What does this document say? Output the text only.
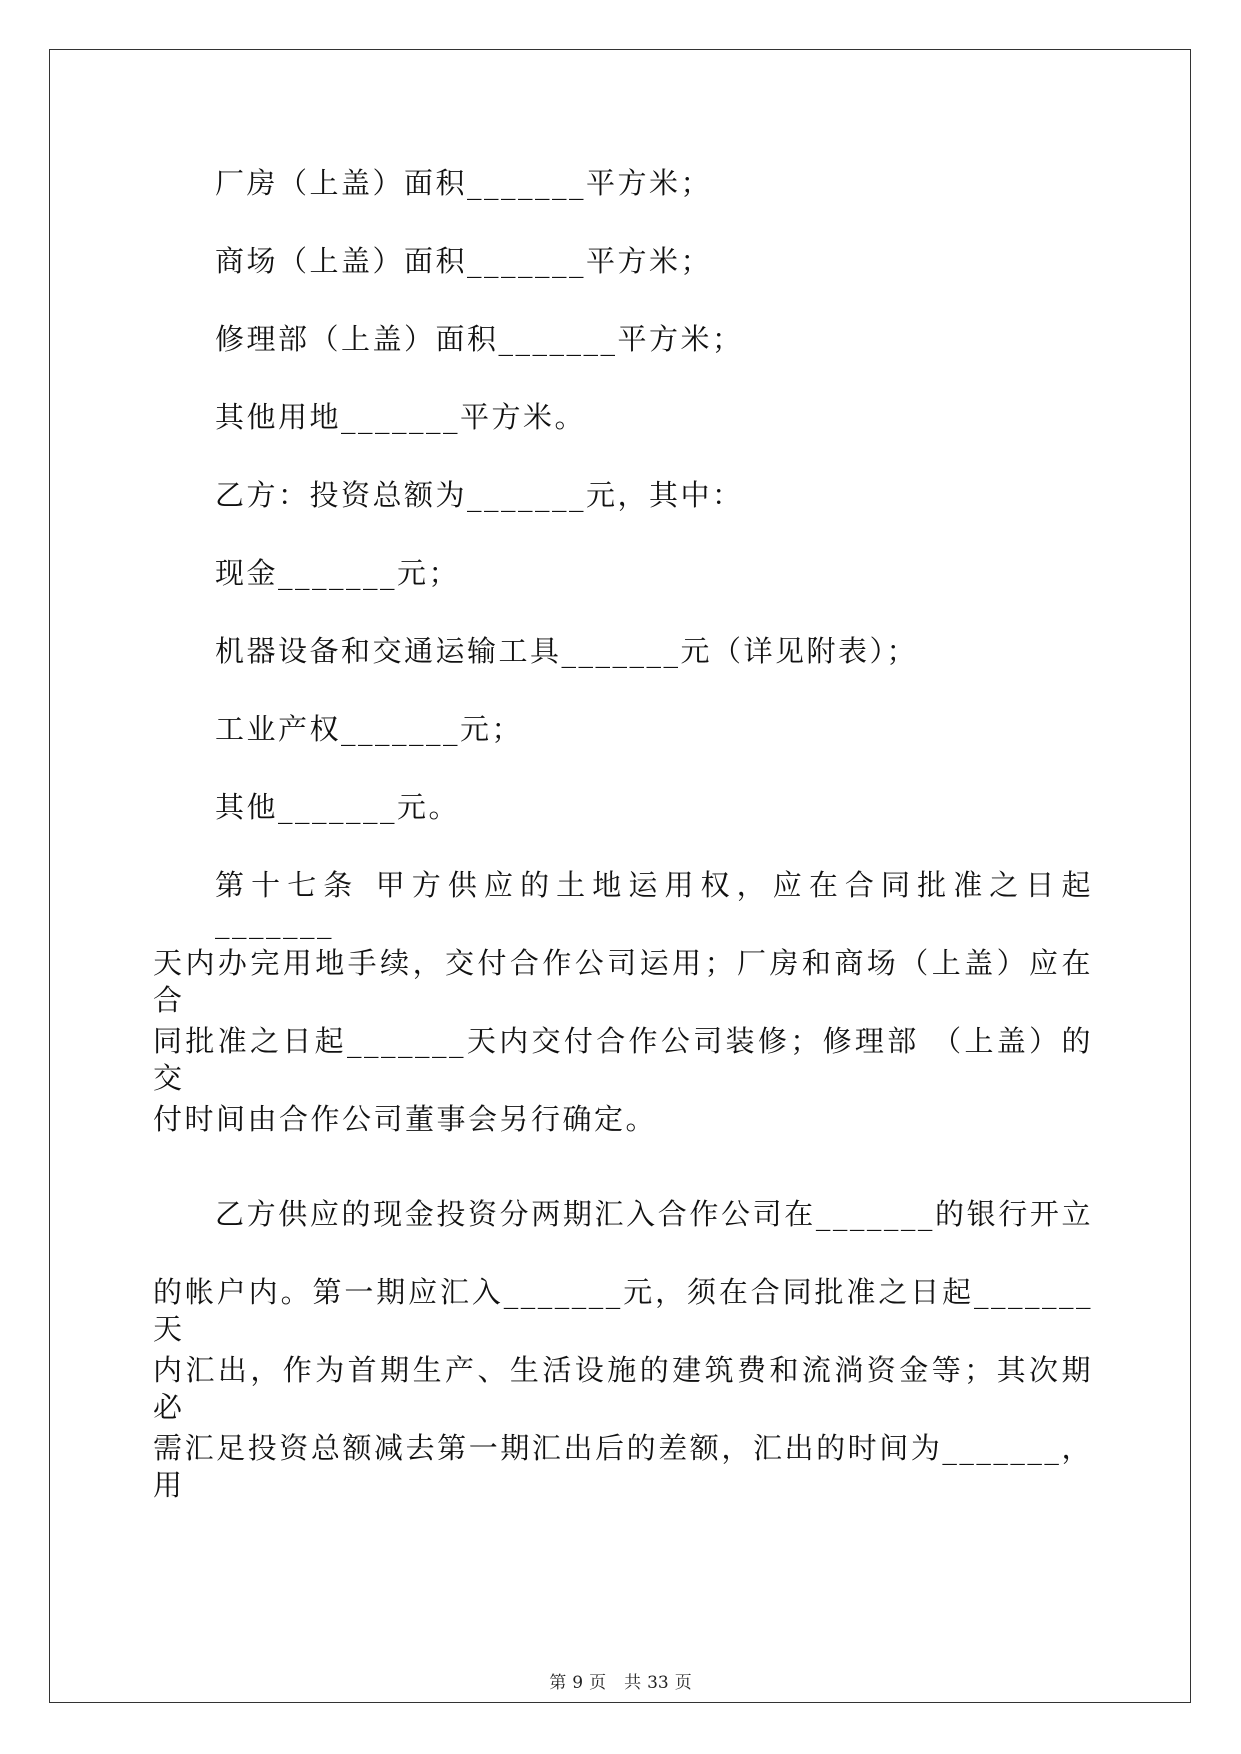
厂房（上盖）面积_______平方米；
商场（上盖）面积_______平方米；
修理部（上盖）面积_______平方米；
其他用地_______平方米。
乙方：投资总额为_______元，其中：
现金_______元；
机器设备和交通运输工具_______元（详见附表）；
工业产权_______元；
其他_______元。
第十七条 甲方供应的土地运用权，应在合同批准之日起_______
天内办完用地手续，交付合作公司运用；厂房和商场（上盖）应在合
同批准之日起_______天内交付合作公司装修；修理部 （上盖）的交
付时间由合作公司董事会另行确定。
乙方供应的现金投资分两期汇入合作公司在_______的银行开立
的帐户内。第一期应汇入_______元，须在合同批准之日起_______天
内汇出，作为首期生产、生活设施的建筑费和流淌资金等；其次期必
需汇足投资总额减去第一期汇出后的差额，汇出的时间为_______，用
第 9 页 共 33 页
